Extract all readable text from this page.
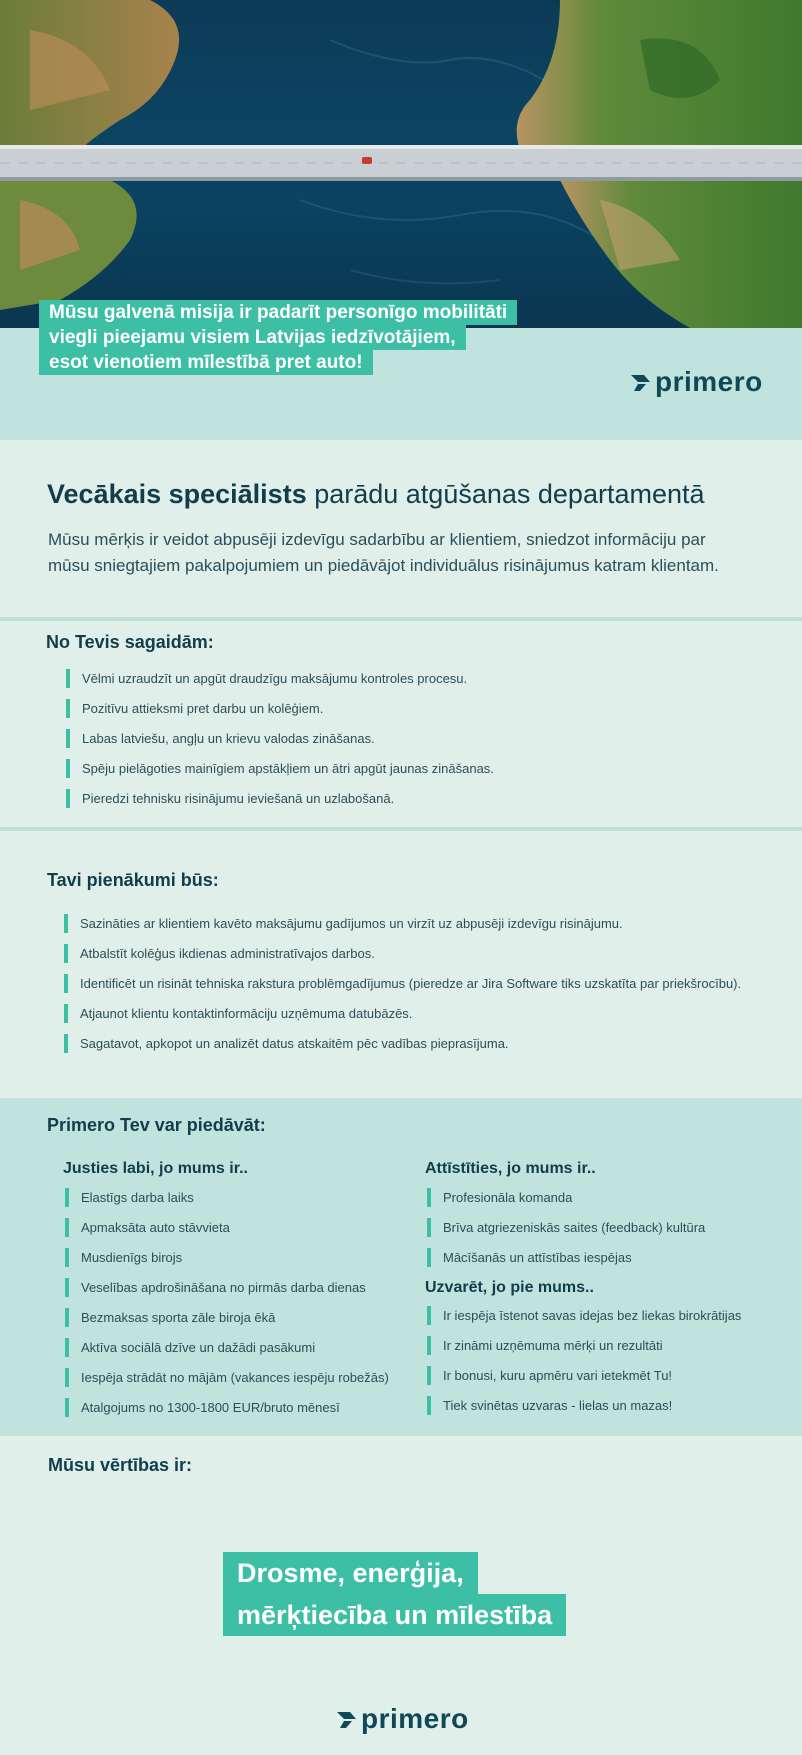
Mūsu galvenā misija ir padarīt personīgo mobilitāti
viegli pieejamu visiem Latvijas iedzīvotājiem,
esot vienotiem mīlestībā pret auto!
primero
Vecākais speciālists parādu atgūšanas departamentā

Mūsu mērķis ir veidot abpusēji izdevīgu sadarbību ar klientiem, sniedzot informāciju par mūsu sniegtajiem pakalpojumiem un piedāvājot individuālus risinājumus katram klientam.

No Tevis sagaidām:
Vēlmi uzraudzīt un apgūt draudzīgu maksājumu kontroles procesu.
Pozitīvu attieksmi pret darbu un kolēģiem.
Labas latviešu, angļu un krievu valodas zināšanas.
Spēju pielāgoties mainīgiem apstākļiem un ātri apgūt jaunas zināšanas.
Pieredzi tehnisku risinājumu ieviešanā un uzlabošanā.
Tavi pienākumi būs:
Sazināties ar klientiem kavēto maksājumu gadījumos un virzīt uz abpusēji izdevīgu risinājumu.
Atbalstīt kolēģus ikdienas administratīvajos darbos.
Identificēt un risināt tehniska rakstura problēmgadījumus (pieredze ar Jira Software tiks uzskatīta par priekšrocību).
Atjaunot klientu kontaktinformāciju uzņēmuma datubāzēs.
Sagatavot, apkopot un analizēt datus atskaitēm pēc vadības pieprasījuma.
Primero Tev var piedāvāt:
Justies labi, jo mums ir..
Elastīgs darba laiks
Apmaksāta auto stāvvieta
Musdienīgs birojs
Veselības apdrošināšana no pirmās darba dienas
Bezmaksas sporta zāle biroja ēkā
Aktīva sociālā dzīve un dažādi pasākumi
Iespēja strādāt no mājām (vakances iespēju robežās)
Atalgojums no 1300-1800 EUR/bruto mēnesī
Attīstīties, jo mums ir..
Profesionāla komanda
Brīva atgriezeniskās saites (feedback) kultūra
Mācīšanās un attīstības iespējas
Uzvarēt, jo pie mums..
Ir iespēja īstenot savas idejas bez liekas birokrātijas
Ir zināmi uzņēmuma mērķi un rezultāti
Ir bonusi, kuru apmēru vari ietekmēt Tu!
Tiek svinētas uzvaras - lielas un mazas!
Mūsu vērtības ir:
Drosme, enerģija,
mērķtiecība un mīlestība
primero
